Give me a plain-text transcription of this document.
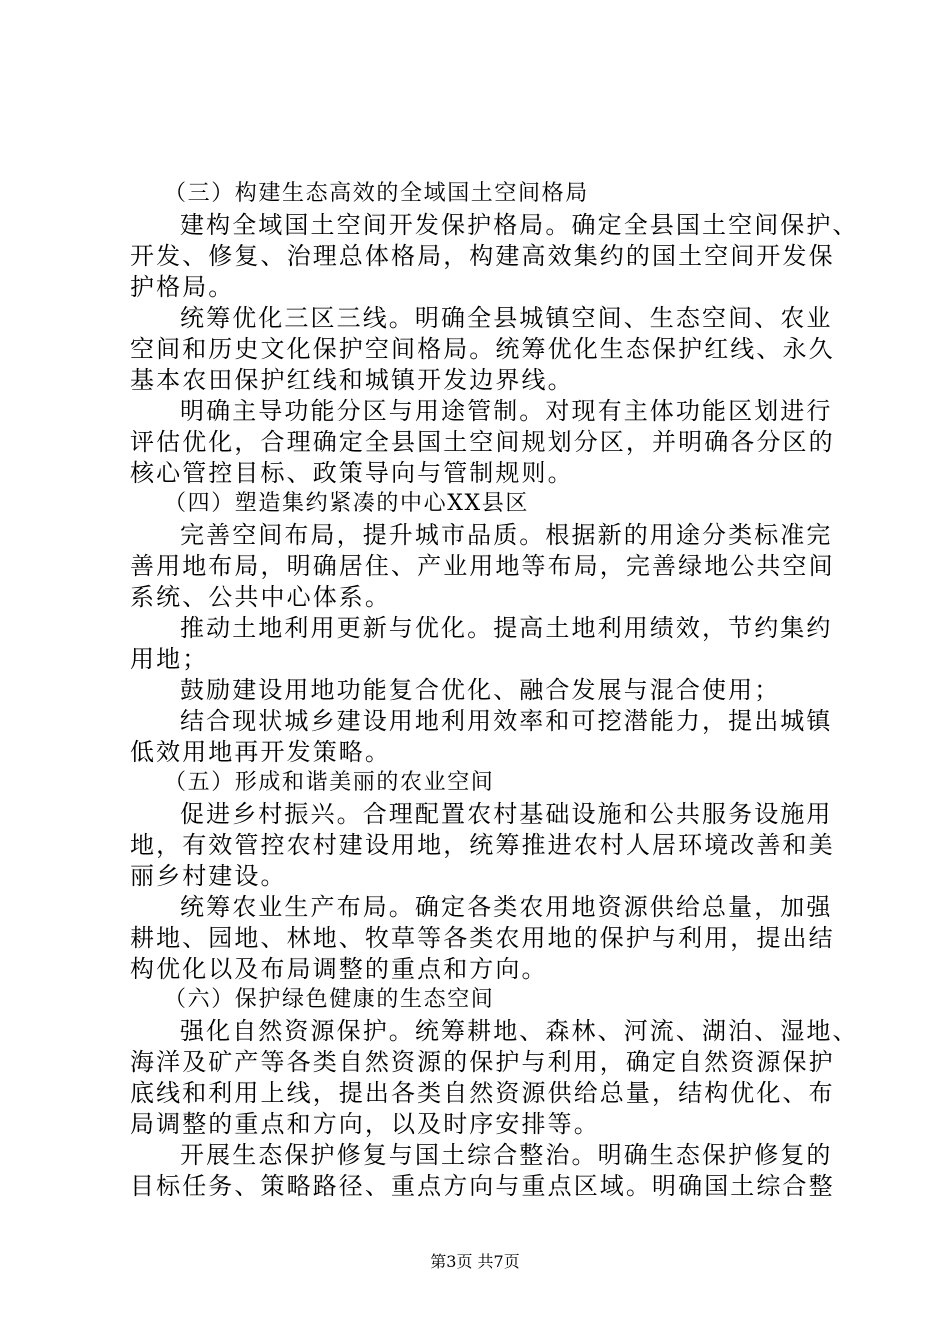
（三）构建生态高效的全域国土空间格局
建构全域国土空间开发保护格局。确定全县国土空间保护、
开发、修复、治理总体格局，构建高效集约的国土空间开发保
护格局。
统筹优化三区三线。明确全县城镇空间、生态空间、农业
空间和历史文化保护空间格局。统筹优化生态保护红线、永久
基本农田保护红线和城镇开发边界线。
明确主导功能分区与用途管制。对现有主体功能区划进行
评估优化，合理确定全县国土空间规划分区，并明确各分区的
核心管控目标、政策导向与管制规则。
（四）塑造集约紧凑的中心XX县区
完善空间布局，提升城市品质。根据新的用途分类标准完
善用地布局，明确居住、产业用地等布局，完善绿地公共空间
系统、公共中心体系。
推动土地利用更新与优化。提高土地利用绩效，节约集约
用地；
鼓励建设用地功能复合优化、融合发展与混合使用；
结合现状城乡建设用地利用效率和可挖潜能力，提出城镇
低效用地再开发策略。
（五）形成和谐美丽的农业空间
促进乡村振兴。合理配置农村基础设施和公共服务设施用
地，有效管控农村建设用地，统筹推进农村人居环境改善和美
丽乡村建设。
统筹农业生产布局。确定各类农用地资源供给总量，加强
耕地、园地、林地、牧草等各类农用地的保护与利用，提出结
构优化以及布局调整的重点和方向。
（六）保护绿色健康的生态空间
强化自然资源保护。统筹耕地、森林、河流、湖泊、湿地、
海洋及矿产等各类自然资源的保护与利用，确定自然资源保护
底线和利用上线，提出各类自然资源供给总量，结构优化、布
局调整的重点和方向，以及时序安排等。
开展生态保护修复与国土综合整治。明确生态保护修复的
目标任务、策略路径、重点方向与重点区域。明确国土综合整
第3页 共7页
